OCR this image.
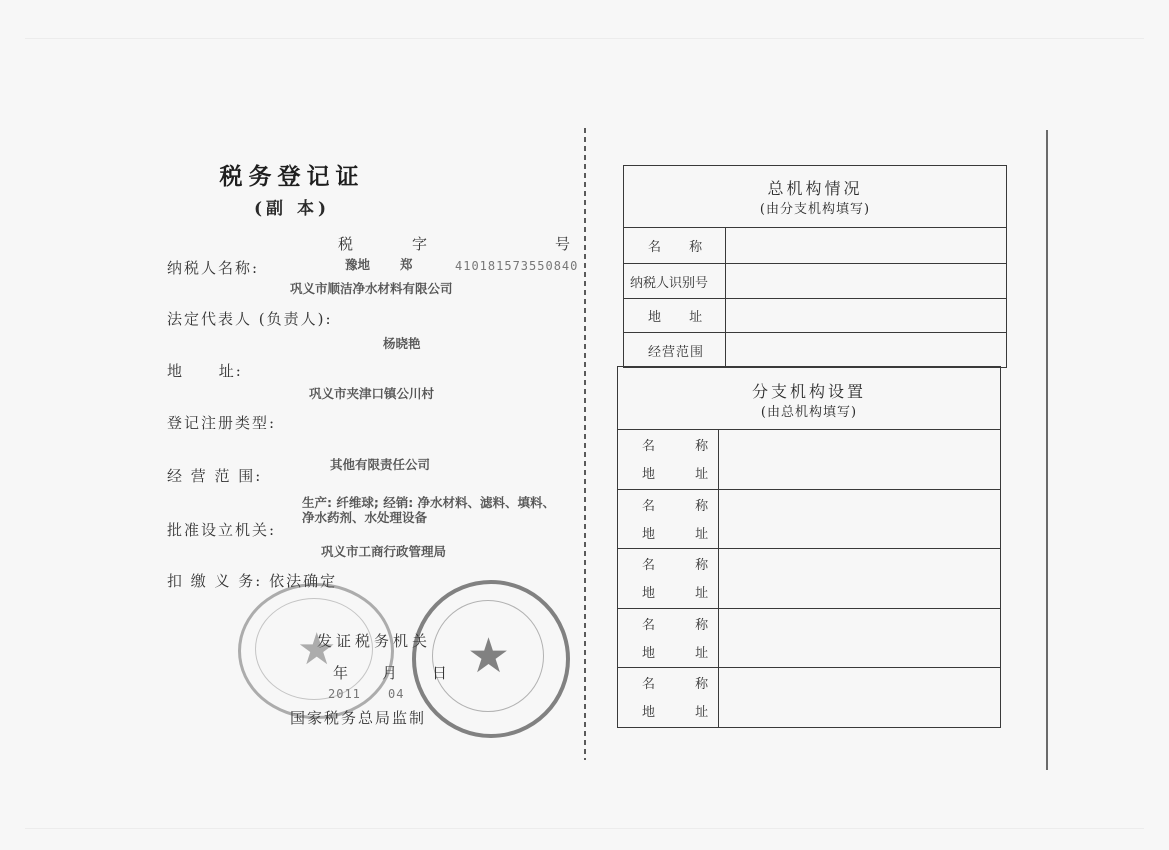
税务登记证
(副 本)
税	字	号
纳税人名称:	豫地 郑	410181573550840
巩义市顺洁净水材料有限公司
法定代表人 (负责人):
杨晓艳
地 址:
巩义市夹津口镇公川村
登记注册类型:
其他有限责任公司
经 营 范 围:
生产: 纤维球; 经销: 净水材料、滤料、填料、
净水药剂、水处理设备
批准设立机关:
巩义市工商行政管理局
扣 缴 义 务: 依法确定
★	★
发证税务机关
年 月 日
2011 04
国家税务总局监制
总机构情况
(由分支机构填写)
名 称
纳税人识别号
地 址
经营范围
分支机构设置
(由总机构填写)
名 称
地 址
名 称
地 址
名 称
地 址
名 称
地 址
名 称
地 址
